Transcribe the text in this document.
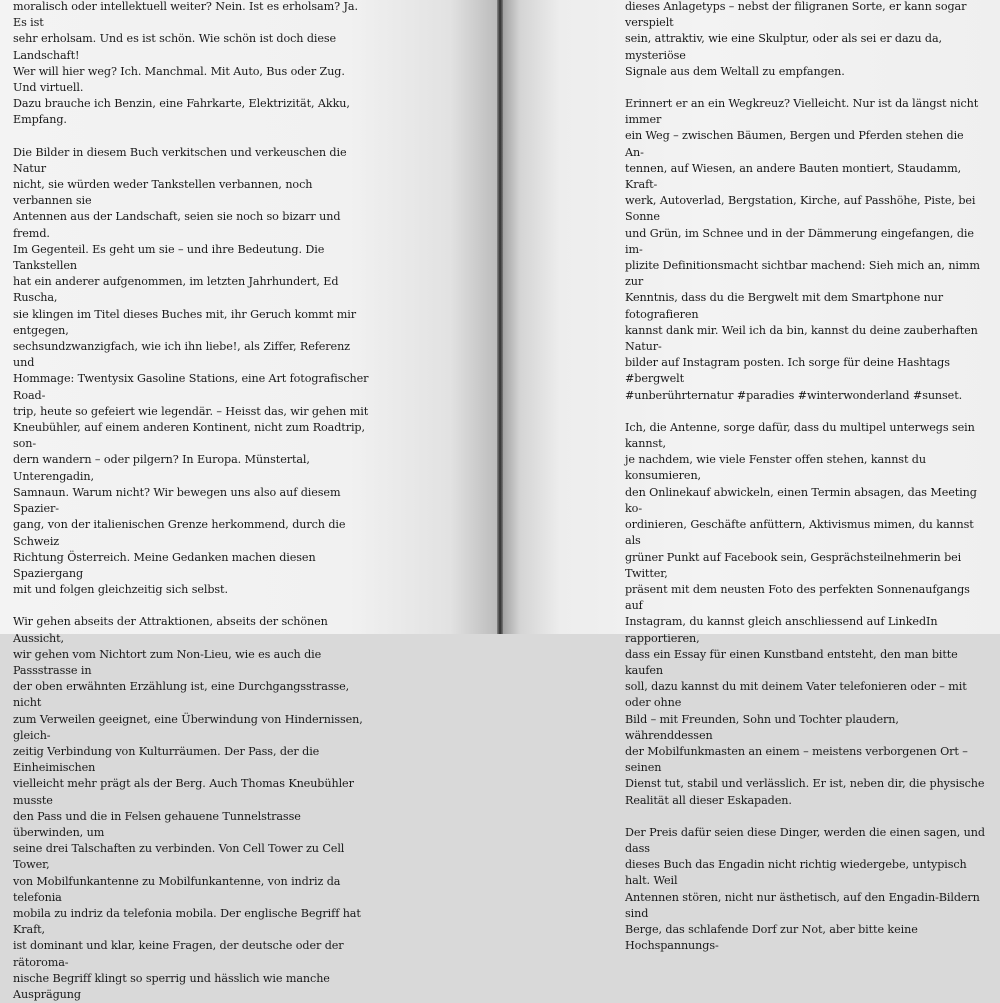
moralisch oder intellektuell weiter? Nein. Ist es erholsam? Ja. Es ist
sehr erholsam. Und es ist schön. Wie schön ist doch diese Landschaft!
Wer will hier weg? Ich. Manchmal. Mit Auto, Bus oder Zug. Und virtuell.
Dazu brauche ich Benzin, eine Fahrkarte, Elektrizität, Akku, Empfang.

Die Bilder in diesem Buch verkitschen und verkeuschen die Natur
nicht, sie würden weder Tankstellen verbannen, noch verbannen sie
Antennen aus der Landschaft, seien sie noch so bizarr und fremd.
Im Gegenteil. Es geht um sie – und ihre Bedeutung. Die Tankstellen
hat ein anderer aufgenommen, im letzten Jahrhundert, Ed Ruscha,
sie klingen im Titel dieses Buches mit, ihr Geruch kommt mir entgegen,
sechsundzwanzigfach, wie ich ihn liebe!, als Ziffer, Referenz und
Hommage: Twentysix Gasoline Stations, eine Art fotografischer Road-
trip, heute so gefeiert wie legendär. – Heisst das, wir gehen mit
Kneubühler, auf einem anderen Kontinent, nicht zum Roadtrip, son-
dern wandern – oder pilgern? In Europa. Münstertal, Unterengadin,
Samnaun. Warum nicht? Wir bewegen uns also auf diesem Spazier-
gang, von der italienischen Grenze herkommend, durch die Schweiz
Richtung Österreich. Meine Gedanken machen diesen Spaziergang
mit und folgen gleichzeitig sich selbst.

Wir gehen abseits der Attraktionen, abseits der schönen Aussicht,
wir gehen vom Nichtort zum Non-Lieu, wie es auch die Passstrasse in
der oben erwähnten Erzählung ist, eine Durchgangsstrasse, nicht
zum Verweilen geeignet, eine Überwindung von Hindernissen, gleich-
zeitig Verbindung von Kulturräumen. Der Pass, der die Einheimischen
vielleicht mehr prägt als der Berg. Auch Thomas Kneubühler musste
den Pass und die in Felsen gehauene Tunnelstrasse überwinden, um
seine drei Talschaften zu verbinden. Von Cell Tower zu Cell Tower,
von Mobilfunkantenne zu Mobilfunkantenne, von indriz da telefonia
mobila zu indriz da telefonia mobila. Der englische Begriff hat Kraft,
ist dominant und klar, keine Fragen, der deutsche oder der rätoroma-
nische Begriff klingt so sperrig und hässlich wie manche Ausprägung

dieses Anlagetyps – nebst der filigranen Sorte, er kann sogar verspielt
sein, attraktiv, wie eine Skulptur, oder als sei er dazu da, mysteriöse
Signale aus dem Weltall zu empfangen.

Erinnert er an ein Wegkreuz? Vielleicht. Nur ist da längst nicht immer
ein Weg – zwischen Bäumen, Bergen und Pferden stehen die An-
tennen, auf Wiesen, an andere Bauten montiert, Staudamm, Kraft-
werk, Autoverlad, Bergstation, Kirche, auf Passhöhe, Piste, bei Sonne
und Grün, im Schnee und in der Dämmerung eingefangen, die im-
plizite Definitionsmacht sichtbar machend: Sieh mich an, nimm zur
Kenntnis, dass du die Bergwelt mit dem Smartphone nur fotografieren
kannst dank mir. Weil ich da bin, kannst du deine zauberhaften Natur-
bilder auf Instagram posten. Ich sorge für deine Hashtags #bergwelt
#unberührternatur #paradies #winterwonderland #sunset.

Ich, die Antenne, sorge dafür, dass du multipel unterwegs sein kannst,
je nachdem, wie viele Fenster offen stehen, kannst du konsumieren,
den Onlinekauf abwickeln, einen Termin absagen, das Meeting ko-
ordinieren, Geschäfte anfüttern, Aktivismus mimen, du kannst als
grüner Punkt auf Facebook sein, Gesprächsteilnehmerin bei Twitter,
präsent mit dem neusten Foto des perfekten Sonnenaufgangs auf
Instagram, du kannst gleich anschliessend auf LinkedIn rapportieren,
dass ein Essay für einen Kunstband entsteht, den man bitte kaufen
soll, dazu kannst du mit deinem Vater telefonieren oder – mit oder ohne
Bild – mit Freunden, Sohn und Tochter plaudern, währenddessen
der Mobilfunkmasten an einem – meistens verborgenen Ort – seinen
Dienst tut, stabil und verlässlich. Er ist, neben dir, die physische
Realität all dieser Eskapaden.

Der Preis dafür seien diese Dinger, werden die einen sagen, und dass
dieses Buch das Engadin nicht richtig wiedergebe, untypisch halt. Weil
Antennen stören, nicht nur ästhetisch, auf den Engadin-Bildern sind
Berge, das schlafende Dorf zur Not, aber bitte keine Hochspannungs-
